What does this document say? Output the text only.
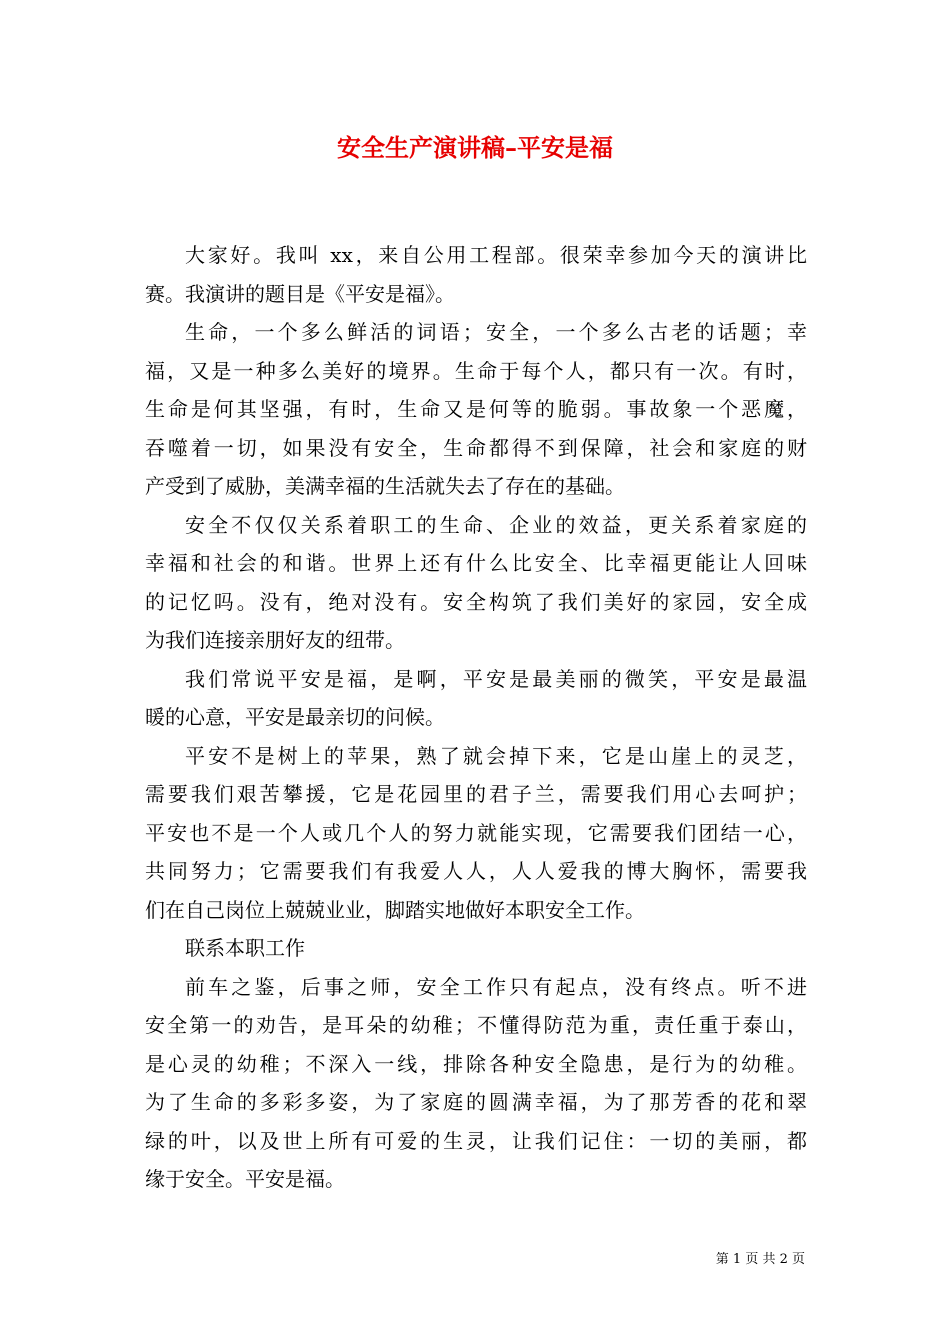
安全生产演讲稿–平安是福
大家好。我叫 xx，来自公用工程部。很荣幸参加今天的演讲比
赛。我演讲的题目是《平安是福》。
生命，一个多么鲜活的词语；安全，一个多么古老的话题；幸
福，又是一种多么美好的境界。生命于每个人，都只有一次。有时，
生命是何其坚强，有时，生命又是何等的脆弱。事故象一个恶魔，
吞噬着一切，如果没有安全，生命都得不到保障，社会和家庭的财
产受到了威胁，美满幸福的生活就失去了存在的基础。
安全不仅仅关系着职工的生命、企业的效益，更关系着家庭的
幸福和社会的和谐。世界上还有什么比安全、比幸福更能让人回味
的记忆吗。没有，绝对没有。安全构筑了我们美好的家园，安全成
为我们连接亲朋好友的纽带。
我们常说平安是福，是啊，平安是最美丽的微笑，平安是最温
暖的心意，平安是最亲切的问候。
平安不是树上的苹果，熟了就会掉下来，它是山崖上的灵芝，
需要我们艰苦攀援，它是花园里的君子兰，需要我们用心去呵护；
平安也不是一个人或几个人的努力就能实现，它需要我们团结一心，
共同努力；它需要我们有我爱人人，人人爱我的博大胸怀，需要我
们在自己岗位上兢兢业业，脚踏实地做好本职安全工作。
联系本职工作
前车之鉴，后事之师，安全工作只有起点，没有终点。听不进
安全第一的劝告，是耳朵的幼稚；不懂得防范为重，责任重于泰山，
是心灵的幼稚；不深入一线，排除各种安全隐患，是行为的幼稚。
为了生命的多彩多姿，为了家庭的圆满幸福，为了那芳香的花和翠
绿的叶，以及世上所有可爱的生灵，让我们记住：一切的美丽，都
缘于安全。平安是福。
第 1 页 共 2 页
